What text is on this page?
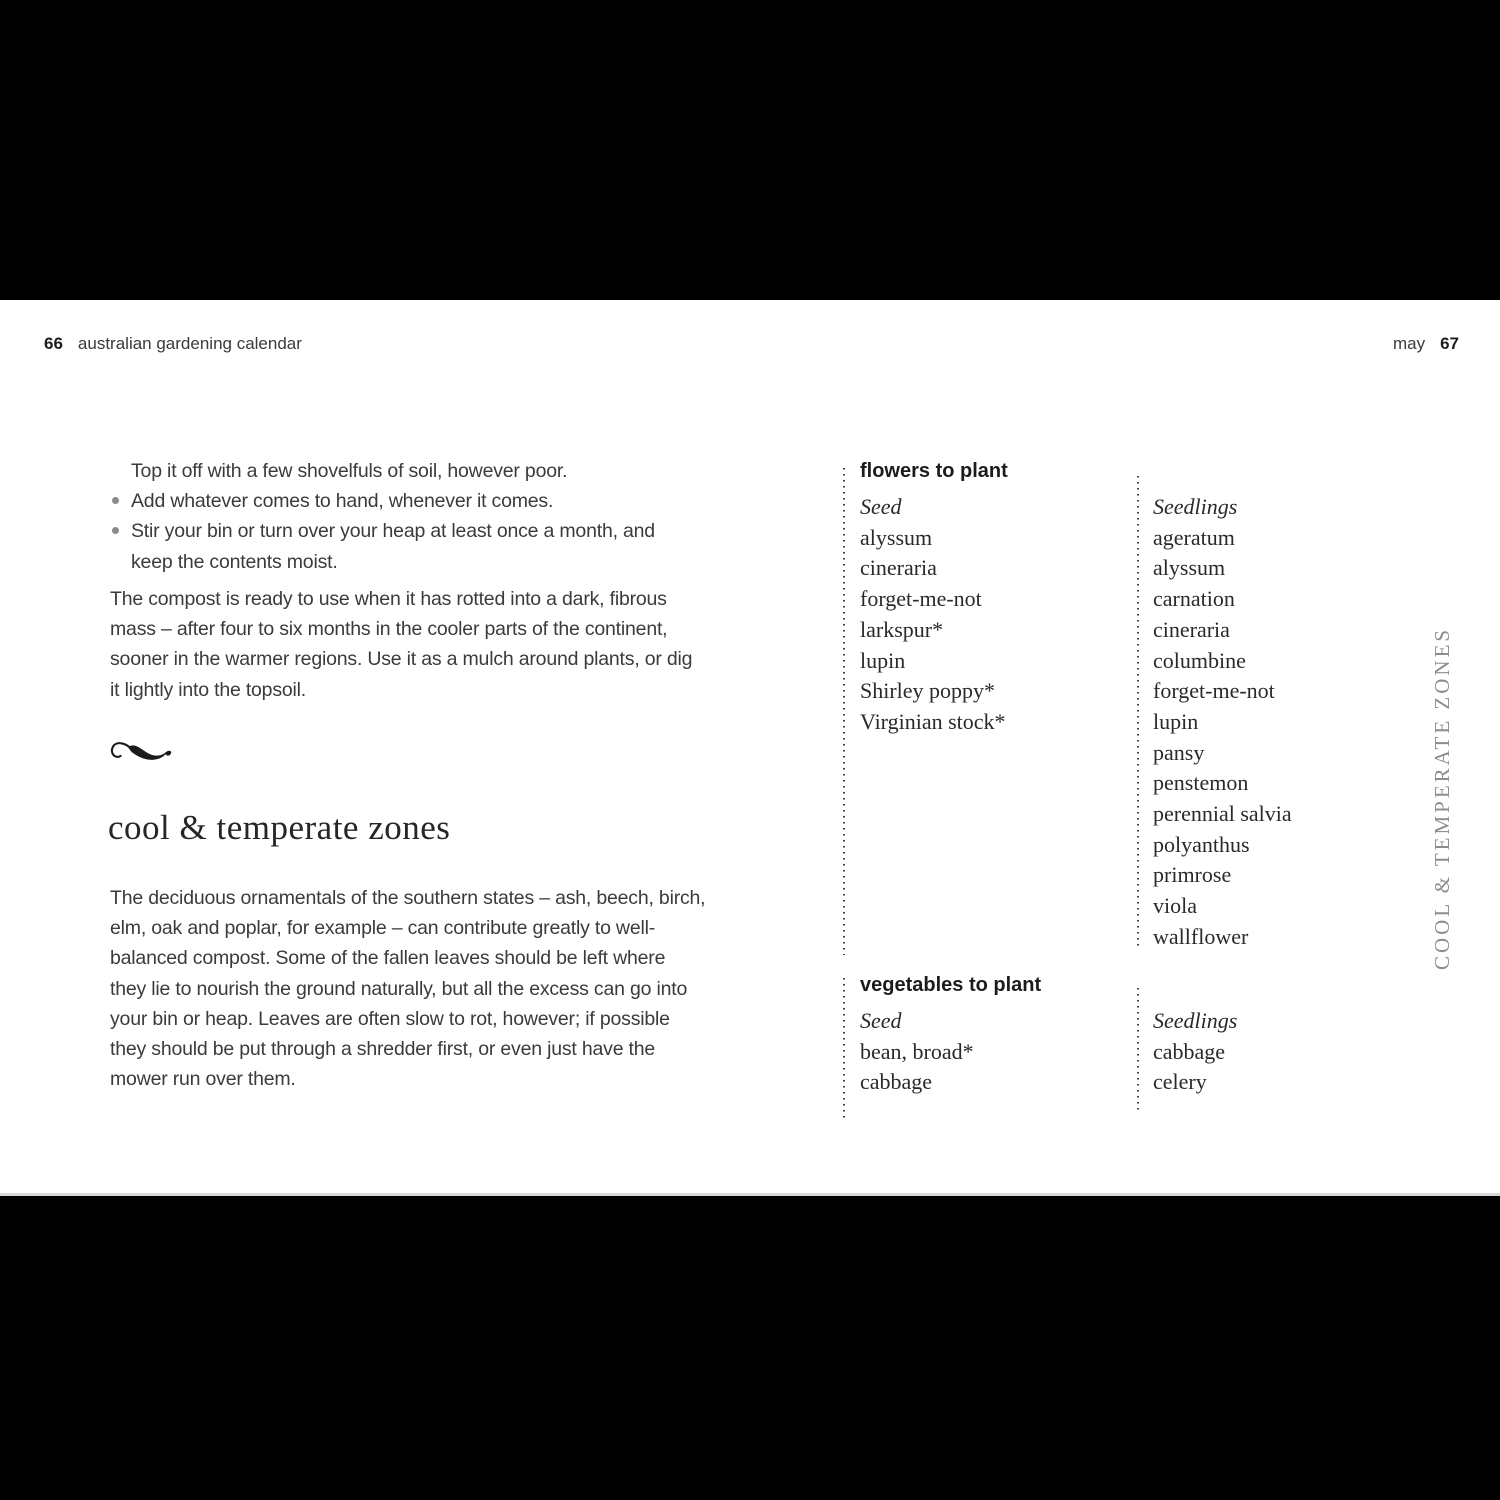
66 australian gardening calendar
Top it off with a few shovelfuls of soil, however poor.
Add whatever comes to hand, whenever it comes.
Stir your bin or turn over your heap at least once a month, and
keep the contents moist.
The compost is ready to use when it has rotted into a dark, fibrous
mass – after four to six months in the cooler parts of the continent,
sooner in the warmer regions. Use it as a mulch around plants, or dig
it lightly into the topsoil.
cool & temperate zones
The deciduous ornamentals of the southern states – ash, beech, birch,
elm, oak and poplar, for example – can contribute greatly to well-
balanced compost. Some of the fallen leaves should be left where
they lie to nourish the ground naturally, but all the excess can go into
your bin or heap. Leaves are often slow to rot, however; if possible
they should be put through a shredder first, or even just have the
mower run over them.
may 67
flowers to plant
Seed
alyssum
cineraria
forget-me-not
larkspur*
lupin
Shirley poppy*
Virginian stock*
Seedlings
ageratum
alyssum
carnation
cineraria
columbine
forget-me-not
lupin
pansy
penstemon
perennial salvia
polyanthus
primrose
viola
wallflower
vegetables to plant
Seed
bean, broad*
cabbage
Seedlings
cabbage
celery
COOL & TEMPERATE ZONES
